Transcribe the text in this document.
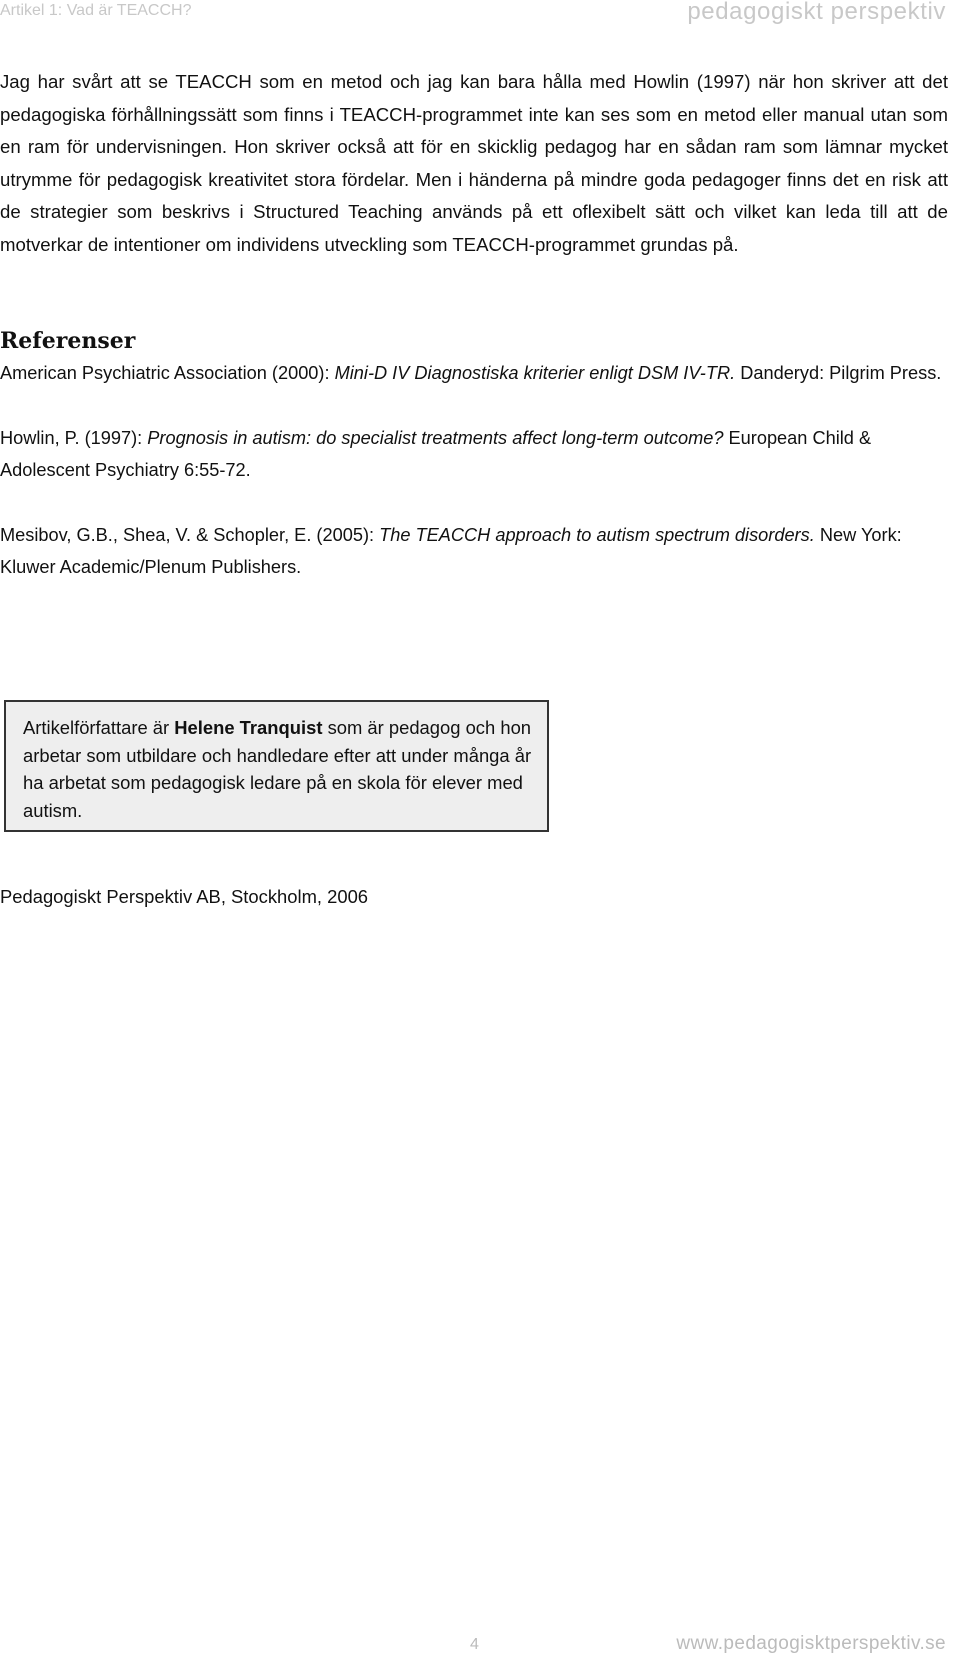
Artikel 1: Vad är TEACCH?	pedagogiskt perspektiv
Jag har svårt att se TEACCH som en metod och jag kan bara hålla med Howlin (1997) när hon skriver att det pedagogiska förhållningssätt som finns i TEACCH-programmet inte kan ses som en metod eller manual utan som en ram för undervisningen. Hon skriver också att för en skicklig pedagog har en sådan ram som lämnar mycket utrymme för pedagogisk kreativitet stora fördelar. Men i händerna på mindre goda pedagoger finns det en risk att de strategier som beskrivs i Structured Teaching används på ett oflexibelt sätt och vilket kan leda till att de motverkar de intentioner om individens utveckling som TEACCH-programmet grundas på.
Referenser

American Psychiatric Association (2000): Mini-D IV Diagnostiska kriterier enligt DSM IV-TR. Danderyd: Pilgrim Press.

Howlin, P. (1997): Prognosis in autism: do specialist treatments affect long-term outcome? European Child & Adolescent Psychiatry 6:55-72.

Mesibov, G.B., Shea, V. & Schopler, E. (2005): The TEACCH approach to autism spectrum disorders. New York: Kluwer Academic/Plenum Publishers.

Artikelförfattare är Helene Tranquist som är pedagog och hon arbetar som utbildare och handledare efter att under många år ha arbetat som pedagogisk ledare på en skola för elever med autism.
Pedagogiskt Perspektiv AB, Stockholm, 2006
4	www.pedagogisktperspektiv.se
